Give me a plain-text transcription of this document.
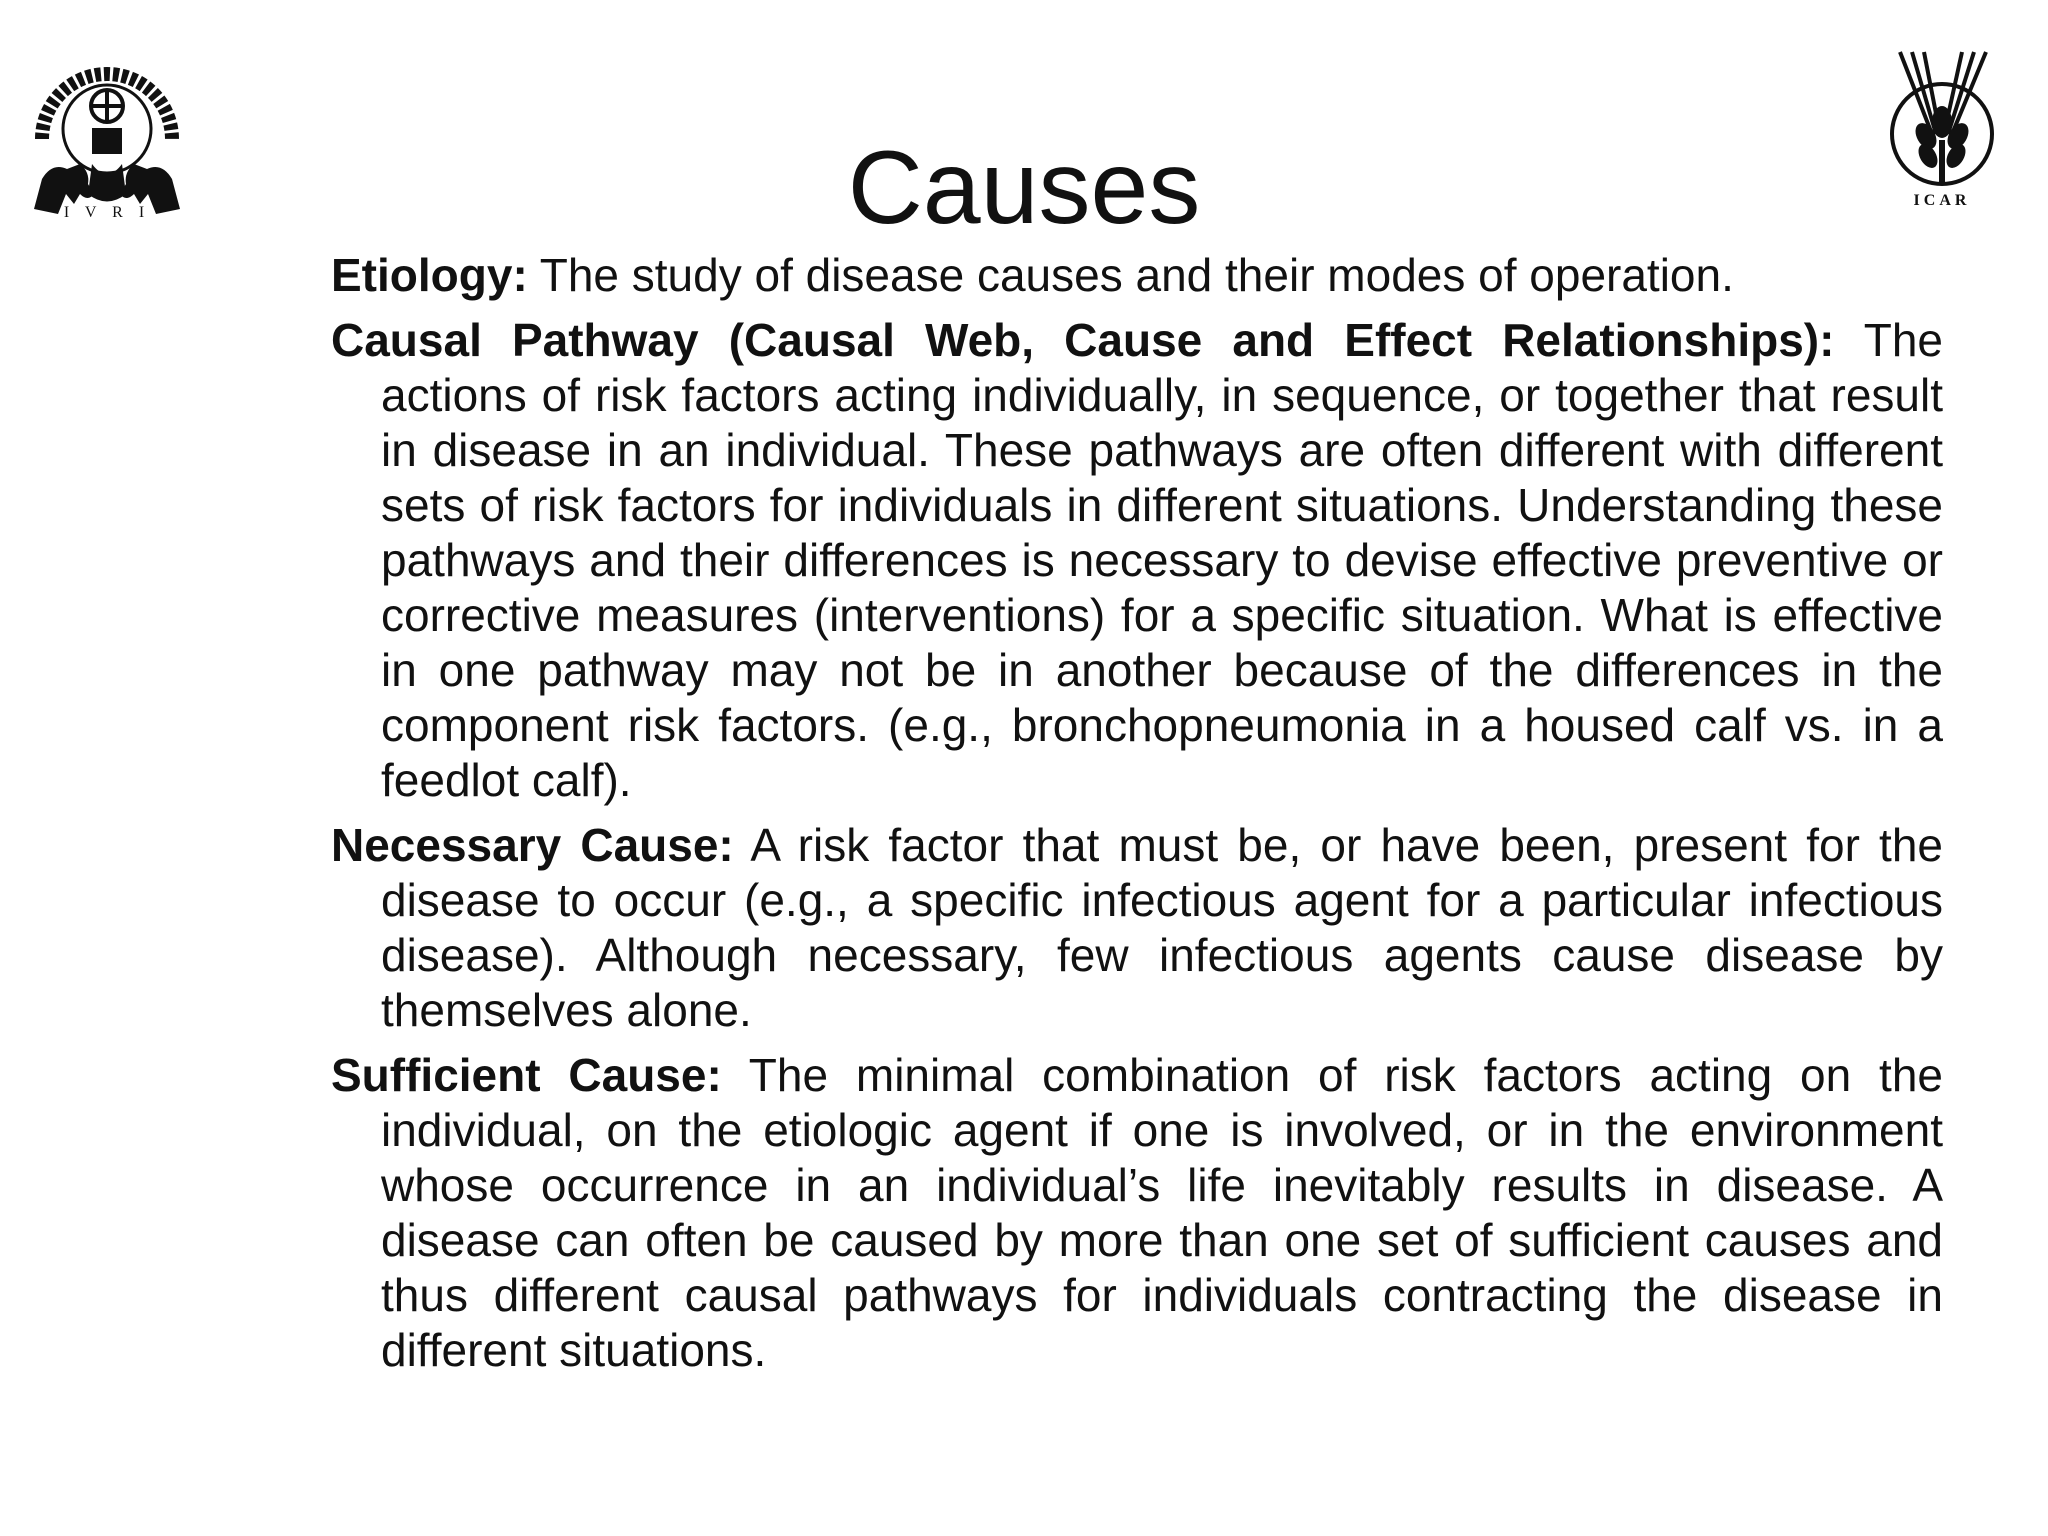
I V R I
ICAR
Causes

Etiology: The study of disease causes and their modes of operation.

Causal Pathway (Causal Web, Cause and Effect Relationships): The actions of risk factors acting individually, in sequence, or together that result in disease in an individual. These pathways are often different with different sets of risk factors for individuals in different situations. Understanding these pathways and their differences is necessary to devise effective preventive or corrective measures (interventions) for a specific situation. What is effective in one pathway may not be in another because of the differences in the component risk factors. (e.g., bronchopneumonia in a housed calf vs. in a feedlot calf).

Necessary Cause: A risk factor that must be, or have been, present for the disease to occur (e.g., a specific infectious agent for a particular infectious disease). Although necessary, few infectious agents cause disease by themselves alone.

Sufficient Cause: The minimal combination of risk factors acting on the individual, on the etiologic agent if one is involved, or in the environment whose occurrence in an individual’s life inevitably results in disease. A disease can often be caused by more than one set of sufficient causes and thus different causal pathways for individuals contracting the disease in different situations.
